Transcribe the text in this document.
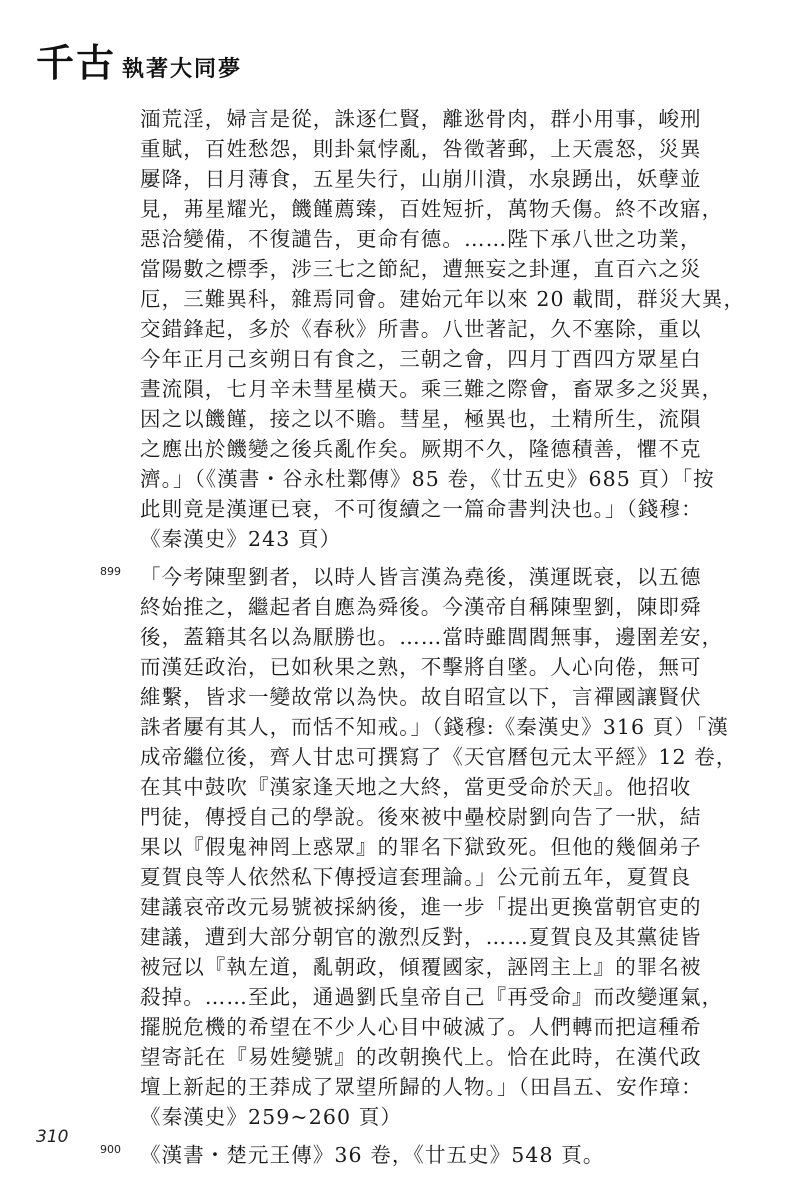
千古 執著大同夢
湎荒淫，婦言是從，誅逐仁賢，離逖骨肉，群小用事，峻刑
重賦，百姓愁怨，則卦氣悖亂，咎徵著郵，上天震怒，災異
屢降，日月薄食，五星失行，山崩川潰，水泉踴出，妖孽並
見，茀星耀光，饑饉薦臻，百姓短折，萬物夭傷。終不改寤，
惡洽變備，不復譴告，更命有德。……陛下承八世之功業，
當陽數之標季，涉三七之節紀，遭無妄之卦運，直百六之災
厄，三難異科，雜焉同會。建始元年以來 20 載間，群災大異，
交錯鋒起，多於《春秋》所書。八世著記，久不塞除，重以
今年正月己亥朔日有食之，三朝之會，四月丁酉四方眾星白
晝流隕，七月辛未彗星橫天。乘三難之際會，畜眾多之災異，
因之以饑饉，接之以不贍。彗星，極異也，土精所生，流隕
之應出於饑變之後兵亂作矣。厥期不久，隆德積善，懼不克
濟。」（《漢書・谷永杜鄴傳》85 卷，《廿五史》685 頁）「按
此則竟是漢運已衰，不可復續之一篇命書判決也。」（錢穆：
《秦漢史》243 頁）
899 「今考陳聖劉者，以時人皆言漢為堯後，漢運既衰，以五德
終始推之，繼起者自應為舜後。今漢帝自稱陳聖劉，陳即舜
後，蓋籍其名以為厭勝也。……當時雖閭閻無事，邊圉差安，
而漢廷政治，已如秋果之熟，不擊將自墜。人心向倦，無可
維繫，皆求一變故常以為快。故自昭宣以下，言禪國讓賢伏
誅者屢有其人，而恬不知戒。」（錢穆:《秦漢史》316 頁）「漢
成帝繼位後，齊人甘忠可撰寫了《天官曆包元太平經》12 卷，
在其中鼓吹『漢家逢天地之大終，當更受命於天』。他招收
門徒，傳授自己的學說。後來被中壘校尉劉向告了一狀，結
果以『假鬼神罔上惑眾』的罪名下獄致死。但他的幾個弟子
夏賀良等人依然私下傳授這套理論。」公元前五年，夏賀良
建議哀帝改元易號被採納後，進一步「提出更換當朝官吏的
建議，遭到大部分朝官的激烈反對，……夏賀良及其黨徒皆
被冠以『執左道，亂朝政，傾覆國家，誣罔主上』的罪名被
殺掉。……至此，通過劉氏皇帝自己『再受命』而改變運氣，
擺脱危機的希望在不少人心目中破滅了。人們轉而把這種希
望寄託在『易姓變號』的改朝換代上。恰在此時，在漢代政
壇上新起的王莽成了眾望所歸的人物。」（田昌五、安作璋：
《秦漢史》259~260 頁）
900 《漢書・楚元王傳》36 卷，《廿五史》548 頁。
310
